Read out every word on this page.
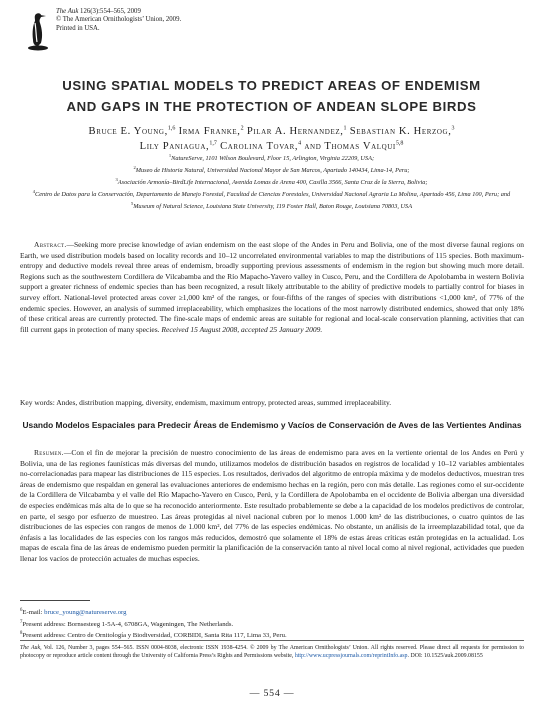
The Auk 126(3):554–565, 2009
© The American Ornithologists’ Union, 2009.
Printed in USA.
USING SPATIAL MODELS TO PREDICT AREAS OF ENDEMISM
AND GAPS IN THE PROTECTION OF ANDEAN SLOPE BIRDS
Bruce E. Young,$^{1,6}$ Irma Franke,$^2$ Pilar A. Hernandez,$^1$ Sebastian K. Herzog,$^3$
Lily Paniagua,$^{1,7}$ Carolina Tovar,$^4$ and Thomas Valqui$^{5,8}$
$^1$NatureServe, 1101 Wilson Boulevard, Floor 15, Arlington, Virginia 22209, USA;
$^2$Museo de Historia Natural, Universidad Nacional Mayor de San Marcos, Apartado 140434, Lima-14, Peru;
$^3$Asociación Armonía–BirdLife Internacional, Avenida Lomas de Arena 400, Casilla 3566, Santa Cruz de la Sierra, Bolivia;
$^4$Centro de Datos para la Conservación, Departamento de Manejo Forestal, Facultad de Ciencias Forestales, Universidad Nacional Agraria La Molina, Apartado 456, Lima 100, Peru; and
$^5$Museum of Natural Science, Louisiana State University, 119 Foster Hall, Baton Rouge, Louisiana 70803, USA
Abstract.—Seeking more precise knowledge of avian endemism on the east slope of the Andes in Peru and Bolivia, one of the most diverse faunal regions on Earth, we used distribution models based on locality records and 10–12 uncorrelated environmental variables to map the distributions of 115 species. Both maximum-entropy and deductive models reveal three areas of endemism, broadly supporting previous assessments of endemism in the region but showing much more detail. Regions such as the southwestern Cordillera de Vilcabamba and the Río Mapacho-Yavero valley in Cusco, Peru, and the Cordillera de Apolobamba in western Bolivia support a greater richness of endemic species than has been recognized, a result likely attributable to the ability of predictive models to partially control for biases in survey effort. National-level protected areas cover ≥1,000 km² of the ranges, or four-fifths of the ranges of species with distributions <1,000 km², of 77% of the endemic species. However, an analysis of summed irreplaceability, which emphasizes the locations of the most narrowly distributed endemics, showed that only 18% of these critical areas are currently protected. The fine-scale maps of endemic areas are suitable for regional and local-scale conservation planning, activities that can fill current gaps in protection of many species. Received 15 August 2008, accepted 25 January 2009.
Key words: Andes, distribution mapping, diversity, endemism, maximum entropy, protected areas, summed irreplaceability.
Usando Modelos Espaciales para Predecir Áreas de Endemismo y Vacíos de Conservación de Aves de las Vertientes Andinas
Resumen.—Con el fin de mejorar la precisión de nuestro conocimiento de las áreas de endemismo para aves en la vertiente oriental de los Andes en Perú y Bolivia, una de las regiones faunísticas más diversas del mundo, utilizamos modelos de distribución basados en registros de localidad y 10–12 variables ambientales no-correlacionadas para mapear las distribuciones de 115 especies. Los resultados, derivados del algoritmo de entropía máxima y de modelos deductivos, muestran tres áreas de endemismo que respaldan en general las evaluaciones anteriores de endemismo hechas en la región, pero con más detalle. Las regiones como el sur-occidente de la Cordillera de Vilcabamba y el valle del Río Mapacho-Yavero en Cusco, Perú, y la Cordillera de Apolobamba en el occidente de Bolivia albergan una diversidad de especies endémicas más alta de lo que se ha reconocido anteriormente. Este resultado probablemente se debe a la capacidad de los modelos predictivos de controlar, en parte, el sesgo por esfuerzo de muestreo. Las áreas protegidas al nivel nacional cubren por lo menos 1.000 km² de las distribuciones, o cuatro quintos de las distribuciones de las especies con rangos de menos de 1.000 km², del 77% de las especies endémicas. No obstante, un análisis de la irreemplazabilidad total, que da énfasis a las localidades de las especies con los rangos más reducidos, demostró que solamente el 18% de estas áreas críticas están protegidas en la actualidad. Los mapas de escala fina de las áreas de endemismo pueden permitir la planificación de la conservación tanto al nivel local como al nivel regional, actividades que pueden llenar los vacíos de protección actuales de muchas especies.
$^6$E-mail: bruce_young@natureserve.org
$^7$Present address: Bornsesteeg 1-5A-4, 6708GA, Wageningen, The Netherlands.
$^8$Present address: Centro de Ornitología y Biodiversidad, CORBIDI, Santa Rita 117, Lima 33, Peru.
The Auk, Vol. 126, Number 3, pages 554–565. ISSN 0004-8038, electronic ISSN 1938-4254. © 2009 by The American Ornithologists’ Union. All rights reserved. Please direct all requests for permission to photocopy or reproduce article content through the University of California Press’s Rights and Permissions website, http://www.ucpressjournals.com/reprintInfo.asp. DOI: 10.1525/auk.2009.08155
— 554 —
